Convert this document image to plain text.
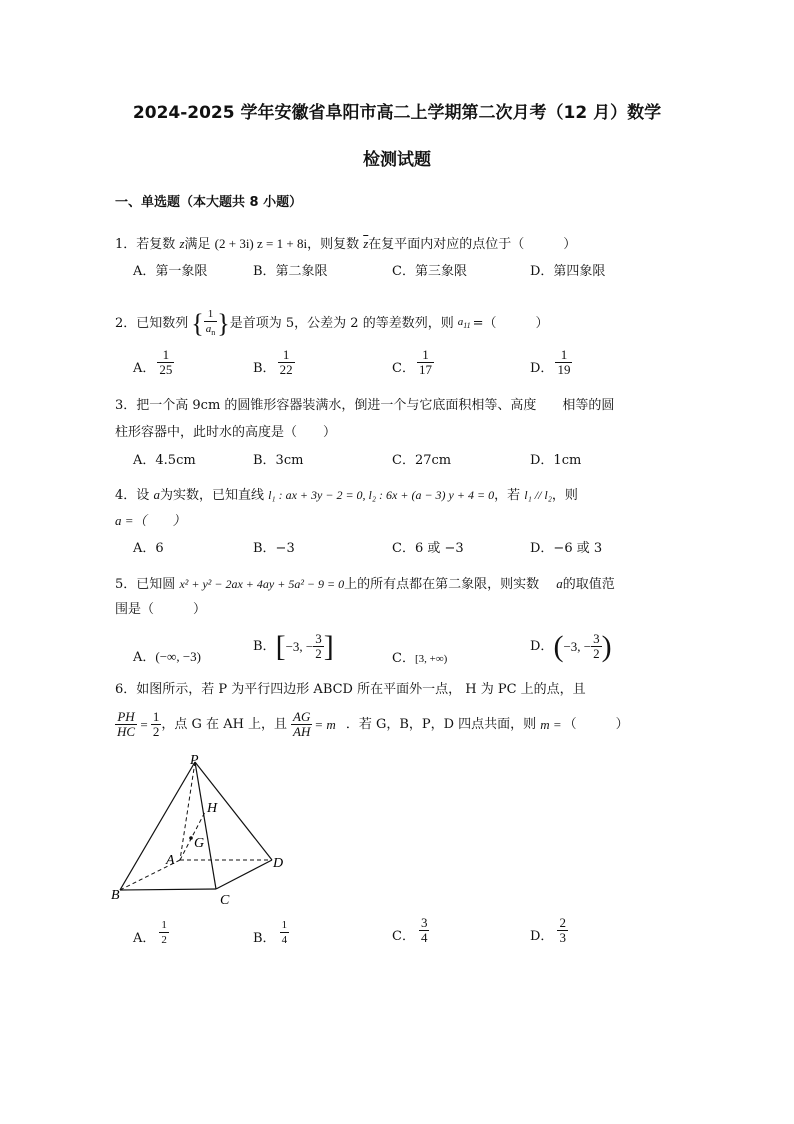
2024-2025 学年安徽省阜阳市高二上学期第二次月考（12 月）数学
检测试题
一、单选题（本大题共 8 小题）
1．若复数 z满足 (2 + 3i) z = 1 + 8i，则复数 $\overline{z}$在复平面内对应的点位于（　　　）
A．第一象限	B．第二象限	C．第三象限	D．第四象限
2． 已知数列 { $\frac{1}{a_n}$ } 是首项为 5，公差为 2 的等差数列，则 $a_{11}$ =（　　　）
A． $\frac{1}{25}$	B． $\frac{1}{22}$	C． $\frac{1}{17}$	D． $\frac{1}{19}$
3．把一个高 9cm 的圆锥形容器装满水，倒进一个与它底面积相等、高度　　相等的圆
柱形容器中，此时水的高度是（　　）
A．4.5cm	B．3cm	C．27cm	D．1cm
4．设 a为实数，已知直线 l₁ : ax + 3y − 2 = 0, l₂ : 6x + (a − 3) y + 4 = 0，若 l₁ // l₂，则
a =（　　）
A．6	B．−3	C．6 或 −3	D．−6 或 3
5．已知圆 x² + y² − 2ax + 4ay + 5a² − 9 = 0上的所有点都在第二象限，则实数　 a的取值范
围是（　　　）
A．(−∞, −3)
B． [ −3, − $\frac{3}{2}$ ]	C．[3, +∞)
D． ( −3, − $\frac{3}{2}$ )
6．如图所示，若 P 为平行四边形 ABCD 所在平面外一点， H 为 PC 上的点，且
$\frac{PH}{HC} = \frac{1}{2}$ ，点 G 在 AH 上，且 $\frac{AG}{AH} = m$ ．若 G，B，P，D 四点共面，则 m = （　　　）
P
H
G
A	D
B	C
A． $\frac{1}{2}$	B． $\frac{1}{4}$	C． $\frac{3}{4}$	D． $\frac{2}{3}$
